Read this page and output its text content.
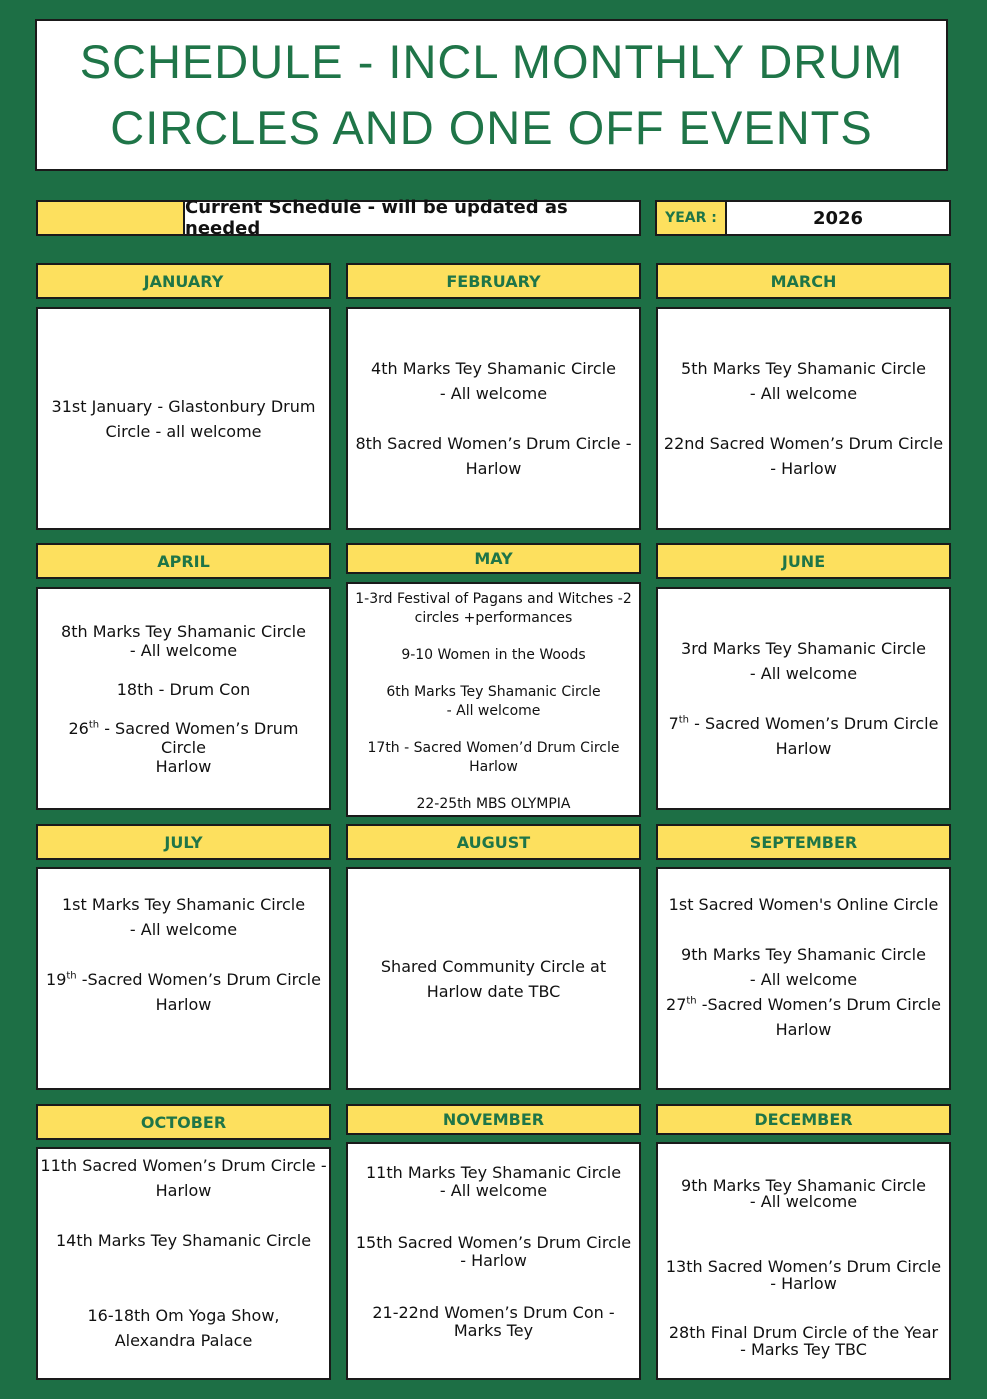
SCHEDULE - INCL MONTHLY DRUM
CIRCLES AND ONE OFF EVENTS
Current Schedule - will be updated as needed	YEAR :	2026
JANUARY	FEBRUARY	MARCH

31st January - Glastonbury Drum Circle - all welcome

4th Marks Tey Shamanic Circle

- All welcome

8th Sacred Women’s Drum Circle - Harlow

5th Marks Tey Shamanic Circle

- All welcome

22nd Sacred Women’s Drum Circle - Harlow

APRIL	MAY	JUNE

8th Marks Tey Shamanic Circle

- All welcome

18th - Drum Con

26th - Sacred Women’s Drum Circle

Harlow

1-3rd Festival of Pagans and Witches -2 circles +performances

9-10 Women in the Woods

6th Marks Tey Shamanic Circle

- All welcome

17th - Sacred Women’d Drum Circle Harlow

22-25th MBS OLYMPIA

3rd Marks Tey Shamanic Circle

- All welcome

7th - Sacred Women’s Drum Circle

Harlow

JULY	AUGUST	SEPTEMBER

1st Marks Tey Shamanic Circle

- All welcome

19th -Sacred Women’s Drum Circle

Harlow

Shared Community Circle at Harlow date TBC

1st Sacred Women's Online Circle

9th Marks Tey Shamanic Circle

- All welcome

27th -Sacred Women’s Drum Circle

Harlow

OCTOBER	NOVEMBER	DECEMBER

11th Sacred Women’s Drum Circle - Harlow

14th Marks Tey Shamanic Circle

16-18th Om Yoga Show, Alexandra Palace

11th Marks Tey Shamanic Circle

- All welcome

15th Sacred Women’s Drum Circle - Harlow

21-22nd Women’s Drum Con - Marks Tey

9th Marks Tey Shamanic Circle

- All welcome

13th Sacred Women’s Drum Circle - Harlow

28th Final Drum Circle of the Year - Marks Tey TBC
